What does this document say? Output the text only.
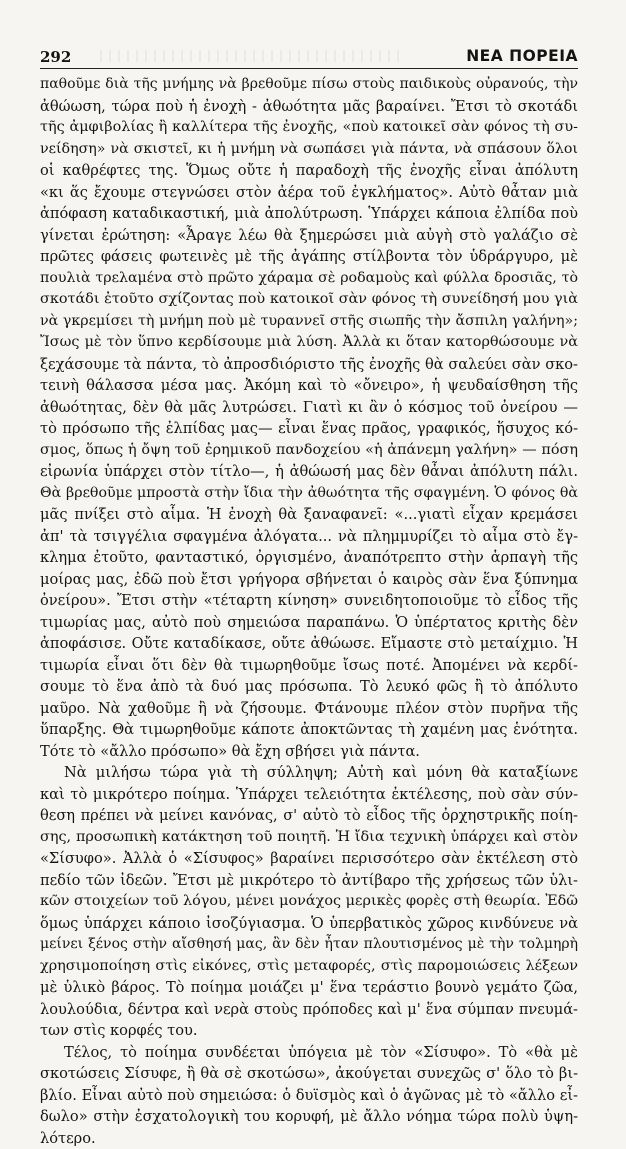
292	ΝΕΑ ΠΟΡΕΙΑ
παθοῦμε διὰ τῆς μνήμης νὰ βρεθοῦμε πίσω στοὺς παιδικοὺς οὐρανούς, τὴν
ἀθώωση, τώρα ποὺ ἡ ἐνοχὴ - ἀθωότητα μᾶς βαραίνει. Ἔτσι τὸ σκοτάδι
τῆς ἀμφιβολίας ἢ καλλίτερα τῆς ἐνοχῆς, «ποὺ κατοικεῖ σὰν φόνος τὴ συ-
νείδηση» νὰ σκιστεῖ, κι ἡ μνήμη νὰ σωπάσει γιὰ πάντα, νὰ σπάσουν ὅλοι
οἱ καθρέφτες της. Ὅμως οὔτε ἡ παραδοχὴ τῆς ἐνοχῆς εἶναι ἀπόλυτη
«κι ἅς ἔχουμε στεγνώσει στὸν ἀέρα τοῦ ἐγκλήματος». Αὐτὸ θἆταν μιὰ
ἀπόφαση καταδικαστική, μιὰ ἀπολύτρωση. Ὑπάρχει κάποια ἐλπίδα ποὺ
γίνεται ἐρώτηση: «Ἆραγε λέω θὰ ξημερώσει μιὰ αὐγὴ στὸ γαλάζιο σὲ
πρῶτες φάσεις φωτεινὲς μὲ τῆς ἀγάπης στίλβοντα τὸν ὑδράργυρο, μὲ
πουλιὰ τρελαμένα στὸ πρῶτο χάραμα σὲ ροδαμοὺς καὶ φύλλα δροσιᾶς, τὸ
σκοτάδι ἐτοῦτο σχίζοντας ποὺ κατοικοῖ σὰν φόνος τὴ συνείδησή μου γιὰ
νὰ γκρεμίσει τὴ μνήμη ποὺ μὲ τυραννεῖ στῆς σιωπῆς τὴν ἄσπιλη γαλήνη»;
Ἴσως μὲ τὸν ὕπνο κερδίσουμε μιὰ λύση. Ἀλλὰ κι ὅταν κατορθώσουμε νὰ
ξεχάσουμε τὰ πάντα, τὸ ἀπροσδιόριστο τῆς ἐνοχῆς θὰ σαλεύει σὰν σκο-
τεινὴ θάλασσα μέσα μας. Ἀκόμη καὶ τὸ «ὄνειρο», ἡ ψευδαίσθηση τῆς
ἀθωότητας, δὲν θὰ μᾶς λυτρώσει. Γιατὶ κι ἂν ὁ κόσμος τοῦ ὀνείρου —
τὸ πρόσωπο τῆς ἐλπίδας μας— εἶναι ἕνας πρᾶος, γραφικός, ἥσυχος κό-
σμος, ὅπως ἡ ὄψη τοῦ ἐρημικοῦ πανδοχείου «ἡ ἀπάνεμη γαλήνη» — πόση
εἰρωνία ὑπάρχει στὸν τίτλο—, ἡ ἀθώωσή μας δὲν θἆναι ἀπόλυτη πάλι.
Θὰ βρεθοῦμε μπροστὰ στὴν ἴδια τὴν ἀθωότητα τῆς σφαγμένη. Ὁ φόνος θὰ
μᾶς πνίξει στὸ αἷμα. Ἡ ἐνοχὴ θὰ ξαναφανεῖ: «...γιατὶ εἶχαν κρεμάσει
ἀπ' τὰ τσιγγέλια σφαγμένα ἀλόγατα... νὰ πλημμυρίζει τὸ αἷμα στὸ ἔγ-
κλημα ἐτοῦτο, φανταστικό, ὀργισμένο, ἀναπότρεπτο στὴν ἁρπαγὴ τῆς
μοίρας μας, ἐδῶ ποὺ ἔτσι γρήγορα σβήνεται ὁ καιρὸς σὰν ἕνα ξύπνημα
ὀνείρου». Ἔτσι στὴν «τέταρτη κίνηση» συνειδητοποιοῦμε τὸ εἶδος τῆς
τιμωρίας μας, αὐτὸ ποὺ σημειώσα παραπάνω. Ὁ ὑπέρτατος κριτὴς δὲν
ἀποφάσισε. Οὔτε καταδίκασε, οὔτε ἀθώωσε. Εἴμαστε στὸ μεταίχμιο. Ἡ
τιμωρία εἶναι ὅτι δὲν θὰ τιμωρηθοῦμε ἴσως ποτέ. Ἀπομένει νὰ κερδί-
σουμε τὸ ἕνα ἀπὸ τὰ δυό μας πρόσωπα. Τὸ λευκό φῶς ἢ τὸ ἀπόλυτο
μαῦρο. Νὰ χαθοῦμε ἢ νὰ ζήσουμε. Φτάνουμε πλέον στὸν πυρῆνα τῆς
ὕπαρξης. Θὰ τιμωρηθοῦμε κάποτε ἀποκτῶντας τὴ χαμένη μας ἑνότητα.
Τότε τὸ «ἄλλο πρόσωπο» θὰ ἔχη σβήσει γιὰ πάντα.
Νὰ μιλήσω τώρα γιὰ τὴ σύλληψη; Αὐτὴ καὶ μόνη θὰ καταξίωνε
καὶ τὸ μικρότερο ποίημα. Ὑπάρχει τελειότητα ἐκτέλεσης, ποὺ σὰν σύν-
θεση πρέπει νὰ μείνει κανόνας, σ' αὐτὸ τὸ εἶδος τῆς ὀρχηστρικῆς ποίη-
σης, προσωπικὴ κατάκτηση τοῦ ποιητῆ. Ἡ ἴδια τεχνικὴ ὑπάρχει καὶ στὸν
«Σίσυφο». Ἀλλὰ ὁ «Σίσυφος» βαραίνει περισσότερο σὰν ἐκτέλεση στὸ
πεδίο τῶν ἰδεῶν. Ἔτσι μὲ μικρότερο τὸ ἀντίβαρο τῆς χρήσεως τῶν ὑλι-
κῶν στοιχείων τοῦ λόγου, μένει μονάχος μερικὲς φορὲς στὴ θεωρία. Ἐδῶ
ὅμως ὑπάρχει κάποιο ἰσοζύγιασμα. Ὁ ὑπερβατικὸς χῶρος κινδύνευε νὰ
μείνει ξένος στὴν αἴσθησή μας, ἂν δὲν ἦταν πλουτισμένος μὲ τὴν τολμηρὴ
χρησιμοποίηση στὶς εἰκόνες, στὶς μεταφορές, στὶς παρομοιώσεις λέξεων
μὲ ὑλικὸ βάρος. Τὸ ποίημα μοιάζει μ' ἕνα τεράστιο βουνὸ γεμάτο ζῶα,
λουλούδια, δέντρα καὶ νερὰ στοὺς πρόποδες καὶ μ' ἕνα σύμπαν πνευμά-
των στὶς κορφές του.
Τέλος, τὸ ποίημα συνδέεται ὑπόγεια μὲ τὸν «Σίσυφο». Τὸ «θὰ μὲ
σκοτώσεις Σίσυφε, ἢ θὰ σὲ σκοτώσω», ἀκούγεται συνεχῶς σ' ὅλο τὸ βι-
βλίο. Εἶναι αὐτὸ ποὺ σημειώσα: ὁ δυϊσμὸς καὶ ὁ ἀγῶνας μὲ τὸ «ἄλλο εἶ-
δωλο» στὴν ἐσχατολογικὴ του κορυφή, μὲ ἄλλο νόημα τώρα πολὺ ὑψη-
λότερο.
